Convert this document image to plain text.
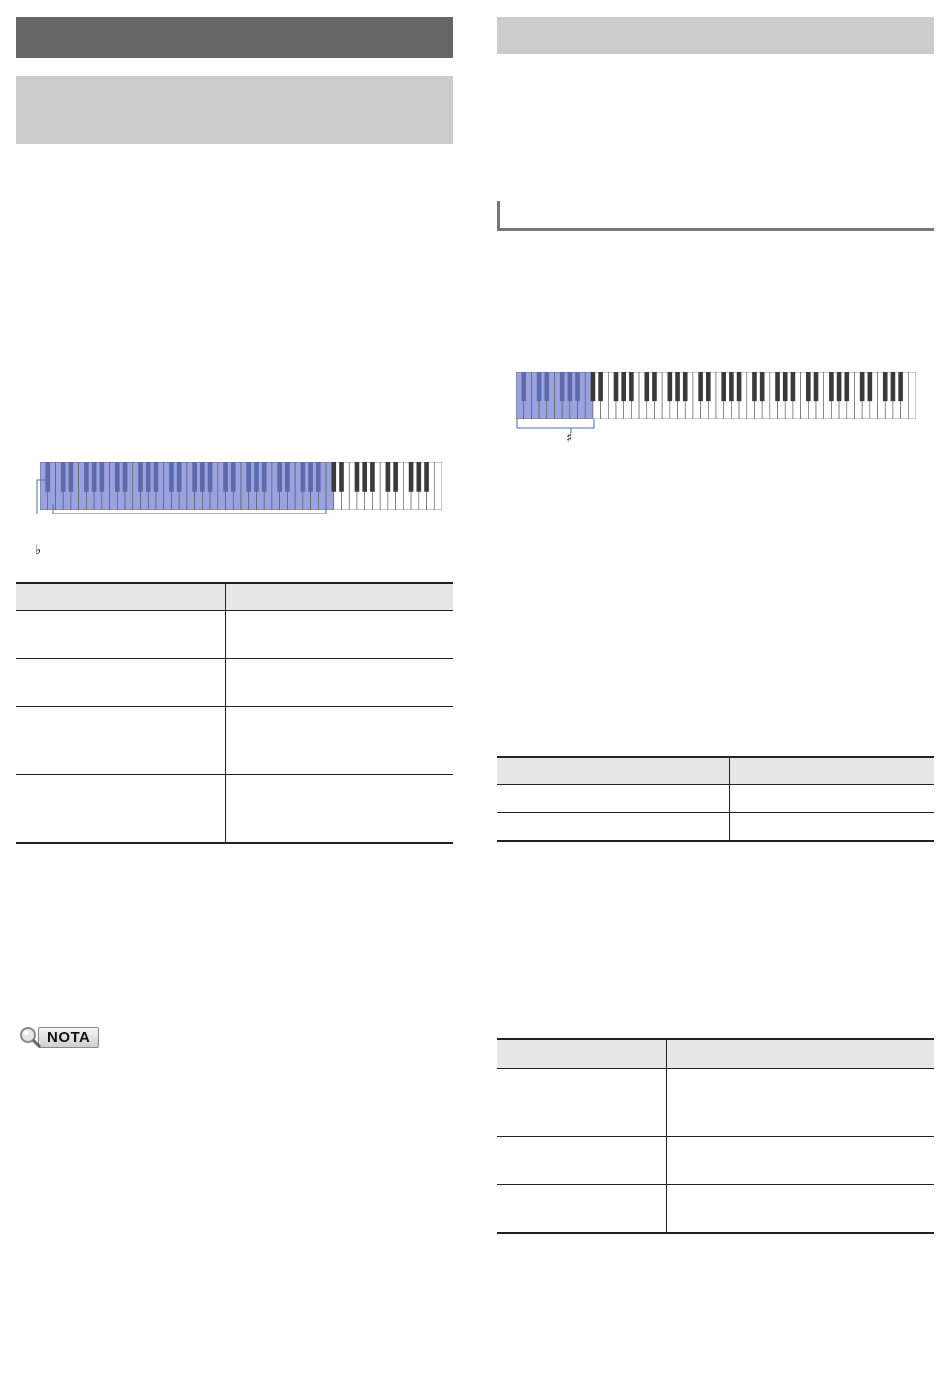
♭

NOTA
♯
